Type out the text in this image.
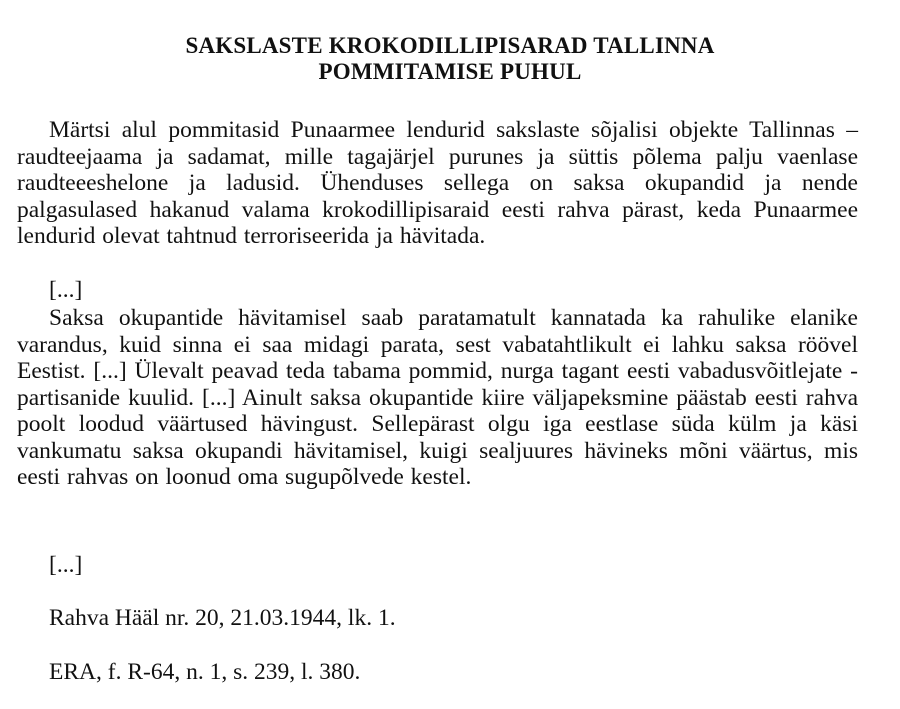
SAKSLASTE KROKODILLIPISARAD TALLINNA
POMMITAMISE PUHUL
Märtsi alul pommitasid Punaarmee lendurid sakslaste sõjalisi objekte Tallinnas – raudteejaama ja sadamat, mille tagajärjel purunes ja süttis põlema palju vaenlase raudteeeshelone ja ladusid. Ühenduses sellega on saksa okupandid ja nende palgasulased hakanud valama krokodillipisaraid eesti rahva pärast, keda Punaarmee lendurid olevat tahtnud terroriseerida ja hävitada.
[...]
Saksa okupantide hävitamisel saab paratamatult kannatada ka rahulike elanike varandus, kuid sinna ei saa midagi parata, sest vabatahtlikult ei lahku saksa röövel Eestist. [...] Ülevalt peavad teda tabama pommid, nurga tagant eesti vabadusvõitlejate - partisanide kuulid. [...] Ainult saksa okupantide kiire väljapeksmine päästab eesti rahva poolt loodud väärtused hävingust. Sellepärast olgu iga eestlase süda külm ja käsi vankumatu saksa okupandi hävitamisel, kuigi sealjuures hävineks mõni väärtus, mis eesti rahvas on loonud oma sugupõlvede kestel.
[...]
Rahva Hääl nr. 20, 21.03.1944, lk. 1.
ERA, f. R-64, n. 1, s. 239, l. 380.
